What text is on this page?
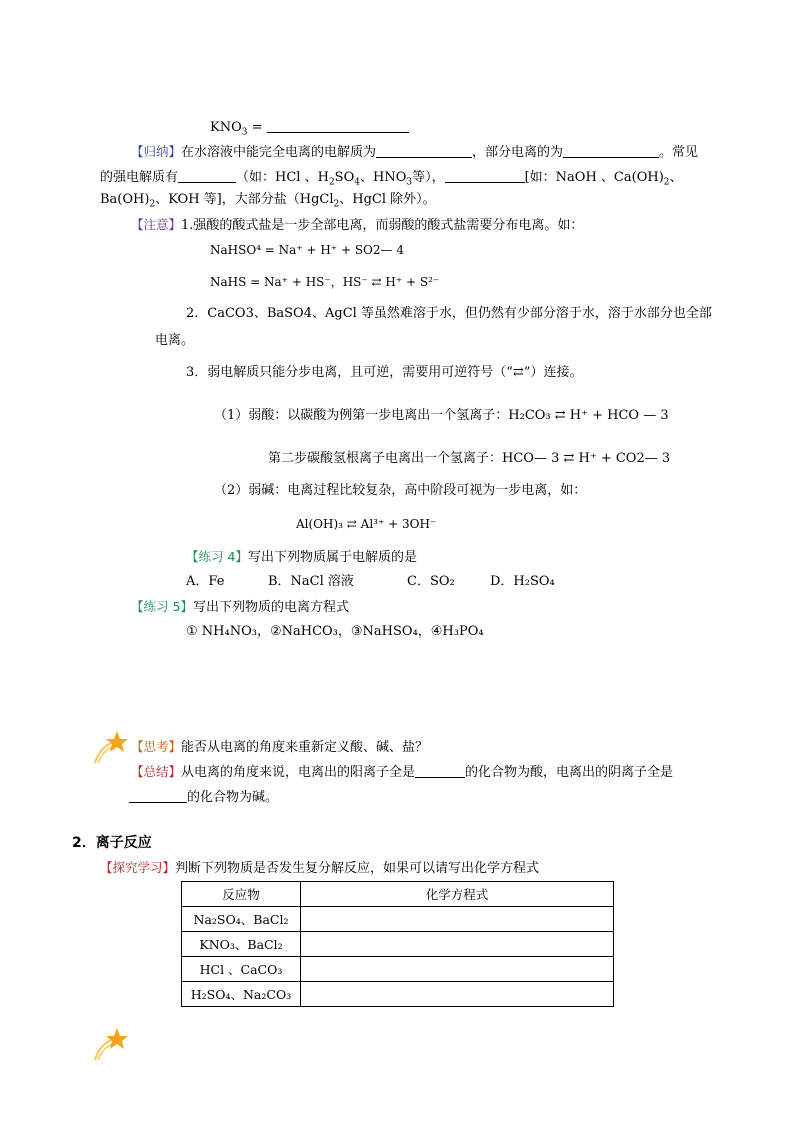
$KNO_3$ =
【归纳】在水溶液中能完全电离的电解质为	，部分电离的为	。常见
的强电解质有	（如：HCl 、$H_2SO_4$、$HNO_3$等），	[如：NaOH 、$Ca(OH)_2$、
$Ba(OH)_2$、KOH 等]，大部分盐（HgCl$_2$、HgCl 除外）。
【注意】1.强酸的酸式盐是一步全部电离，而弱酸的酸式盐需要分布电离。如：
NaHSO⁴ = Na⁺ + H⁺ + SO2— 4
NaHS = Na⁺ + HS⁻，HS⁻ ⇄ H⁺ + S²⁻
2．CaCO3、BaSO4、AgCl 等虽然难溶于水，但仍然有少部分溶于水，溶于水部分也全部
电离。
3．弱电解质只能分步电离，且可逆，需要用可逆符号（“⇄”）连接。
（1）弱酸：以碳酸为例第一步电离出一个氢离子：H₂CO₃ ⇄ H⁺ + HCO — 3
第二步碳酸氢根离子电离出一个氢离子：HCO— 3 ⇄ H⁺ + CO2— 3
（2）弱碱：电离过程比较复杂，高中阶段可视为一步电离，如：
Al(OH)₃ ⇄ Al³⁺ + 3OH⁻
【练习 4】写出下列物质属于电解质的是
A．Fe	B．NaCl 溶液	C．SO₂	D．H₂SO₄
【练习 5】写出下列物质的电离方程式
① NH₄NO₃，②NaHCO₃，③NaHSO₄，④H₃PO₄
【思考】能否从电离的角度来重新定义酸、碱、盐？
【总结】从电离的角度来说，电离出的阳离子全是	的化合物为酸，电离出的阴离子全是
的化合物为碱。
2．离子反应
【探究学习】判断下列物质是否发生复分解反应，如果可以请写出化学方程式
反应物	化学方程式
Na₂SO₄、BaCl₂	
KNO₃、BaCl₂	
HCl 、CaCO₃	
H₂SO₄、Na₂CO₃	
